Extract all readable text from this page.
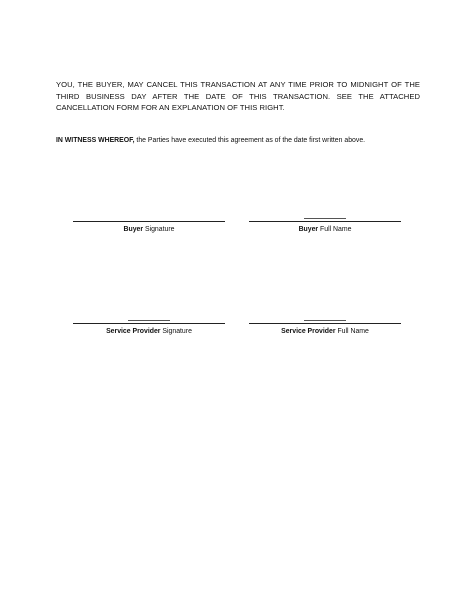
YOU, THE BUYER, MAY CANCEL THIS TRANSACTION AT ANY TIME PRIOR TO MIDNIGHT OF THE THIRD BUSINESS DAY AFTER THE DATE OF THIS TRANSACTION. SEE THE ATTACHED CANCELLATION FORM FOR AN EXPLANATION OF THIS RIGHT.
IN WITNESS WHEREOF, the Parties have executed this agreement as of the date first written above.
Buyer Signature	Buyer Full Name
Service Provider Signature	Service Provider Full Name
